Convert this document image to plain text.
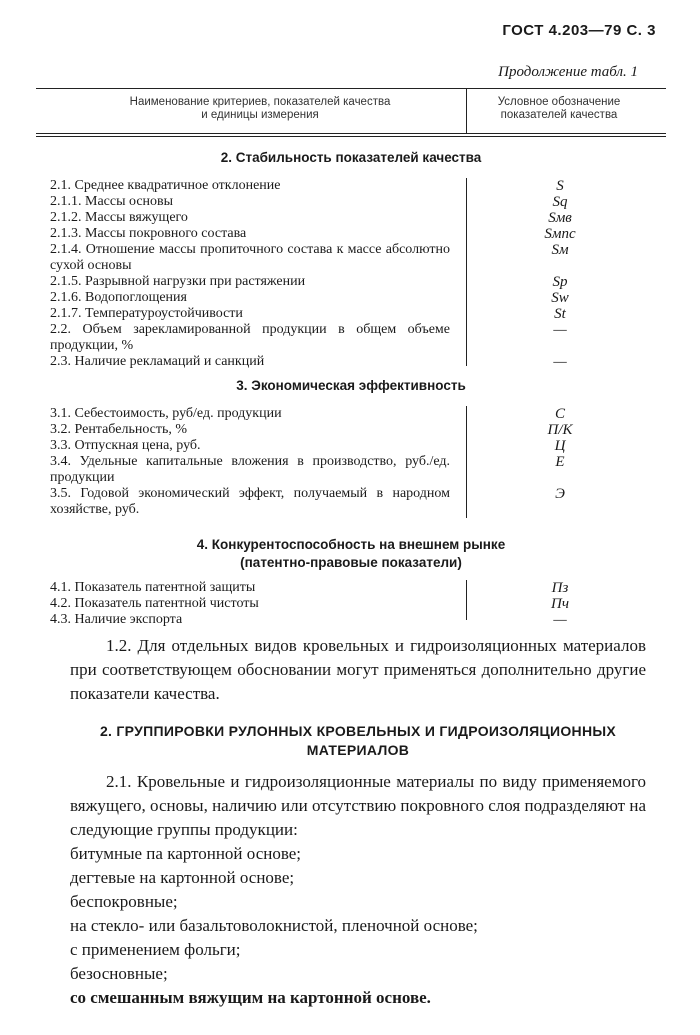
ГОСТ 4.203—79 С. 3
Продолжение табл. 1
Наименование критериев, показателей качества
и единицы измерения
Условное обозначение
показателей качества
2. Стабильность показателей качества
2.1. Среднее квадратичное отклонение
2.1.1. Массы основы
2.1.2. Массы вяжущего
2.1.3. Массы покровного состава
2.1.4. Отношение массы пропиточного состава к массе абсолютно сухой основы
2.1.5. Разрывной нагрузки при растяжении
2.1.6. Водопоглощения
2.1.7. Температуроустойчивости
2.2. Объем зарекламированной продукции в общем объеме продукции, %
2.3. Наличие рекламаций и санкций
S
Sq
Sмв
Sмпс
Sм
Sp
Sw
St
—
—
3. Экономическая эффективность
3.1. Себестоимость, руб/ед. продукции
3.2. Рентабельность, %
3.3. Отпускная цена, руб.
3.4. Удельные капитальные вложения в производство, руб./ед. продукции
3.5. Годовой экономический эффект, получаемый в народном хозяйстве, руб.
С
П/К
Ц
Е
Э
4. Конкурентоспособность на внешнем рынке
(патентно-правовые показатели)
4.1. Показатель патентной защиты
4.2. Показатель патентной чистоты
4.3. Наличие экспорта
Пз
Пч
—
1.2. Для отдельных видов кровельных и гидроизоляционных материалов при соответствующем обосновании могут применяться дополнительно другие показатели качества.
2. ГРУППИРОВКИ РУЛОННЫХ КРОВЕЛЬНЫХ И ГИДРОИЗОЛЯЦИОННЫХ МАТЕРИАЛОВ

2.1. Кровельные и гидроизоляционные материалы по виду применяемого вяжущего, основы, наличию или отсутствию покровного слоя подразделяют на следующие группы продукции:

битумные па картонной основе;

дегтевые на картонной основе;

беспокровные;

на стекло- или базальтоволокнистой, пленочной основе;

с применением фольги;

безосновные;

со смешанным вяжущим на картонной основе.
